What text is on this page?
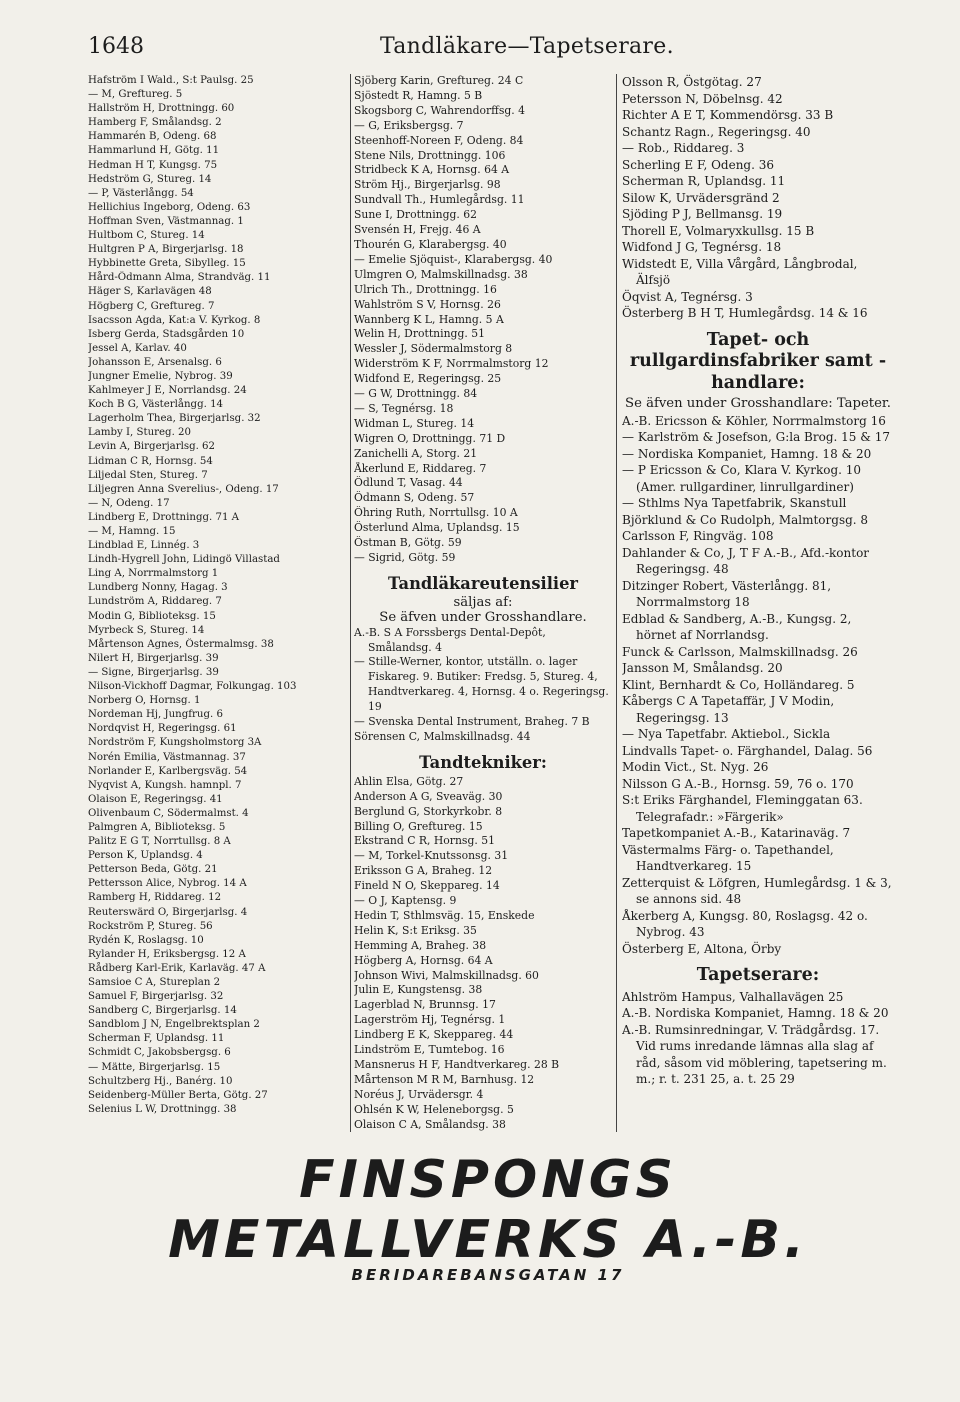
1648	Tandläkare—Tapetserare.
Hafström I Wald., S:t Paulsg. 25
— M, Greftureg. 5
Hallström H, Drottningg. 60
Hamberg F, Smålandsg. 2
Hammarén B, Odeng. 68
Hammarlund H, Götg. 11
Hedman H T, Kungsg. 75
Hedström G, Stureg. 14
— P, Västerlångg. 54
Hellichius Ingeborg, Odeng. 63
Hoffman Sven, Västmannag. 1
Hultbom C, Stureg. 14
Hultgren P A, Birgerjarlsg. 18
Hybbinette Greta, Sibylleg. 15
Hård-Ödmann Alma, Strandväg. 11
Häger S, Karlavägen 48
Högberg C, Greftureg. 7
Isacsson Agda, Kat:a V. Kyrkog. 8
Isberg Gerda, Stadsgården 10
Jessel A, Karlav. 40
Johansson E, Arsenalsg. 6
Jungner Emelie, Nybrog. 39
Kahlmeyer J E, Norrlandsg. 24
Koch B G, Västerlångg. 14
Lagerholm Thea, Birgerjarlsg. 32
Lamby I, Stureg. 20
Levin A, Birgerjarlsg. 62
Lidman C R, Hornsg. 54
Liljedal Sten, Stureg. 7
Liljegren Anna Sverelius-, Odeng. 17
— N, Odeng. 17
Lindberg E, Drottningg. 71 A
— M, Hamng. 15
Lindblad E, Linnég. 3
Lindh-Hygrell John, Lidingö Villastad
Ling A, Norrmalmstorg 1
Lundberg Nonny, Hagag. 3
Lundström A, Riddareg. 7
Modin G, Biblioteksg. 15
Myrbeck S, Stureg. 14
Mårtenson Agnes, Östermalmsg. 38
Nilert H, Birgerjarlsg. 39
— Signe, Birgerjarlsg. 39
Nilson-Vickhoff Dagmar, Folkungag. 103
Norberg O, Hornsg. 1
Nordeman Hj, Jungfrug. 6
Nordqvist H, Regeringsg. 61
Nordström F, Kungsholmstorg 3A
Norén Emilia, Västmannag. 37
Norlander E, Karlbergsväg. 54
Nyqvist A, Kungsh. hamnpl. 7
Olaison E, Regeringsg. 41
Olivenbaum C, Södermalmst. 4
Palmgren A, Biblioteksg. 5
Palitz E G T, Norrtullsg. 8 A
Person K, Uplandsg. 4
Petterson Beda, Götg. 21
Pettersson Alice, Nybrog. 14 A
Ramberg H, Riddareg. 12
Reuterswärd O, Birgerjarlsg. 4
Rockström P, Stureg. 56
Rydén K, Roslagsg. 10
Rylander H, Eriksbergsg. 12 A
Rådberg Karl-Erik, Karlaväg. 47 A
Samsioe C A, Stureplan 2
Samuel F, Birgerjarlsg. 32
Sandberg C, Birgerjarlsg. 14
Sandblom J N, Engelbrektsplan 2
Scherman F, Uplandsg. 11
Schmidt C, Jakobsbergsg. 6
— Mätte, Birgerjarlsg. 15
Schultzberg Hj., Banérg. 10
Seidenberg-Müller Berta, Götg. 27
Selenius L W, Drottningg. 38
Sjöberg Karin, Greftureg. 24 C
Sjöstedt R, Hamng. 5 B
Skogsborg C, Wahrendorffsg. 4
— G, Eriksbergsg. 7
Steenhoff-Noreen F, Odeng. 84
Stene Nils, Drottningg. 106
Stridbeck K A, Hornsg. 64 A
Ström Hj., Birgerjarlsg. 98
Sundvall Th., Humlegårdsg. 11
Sune I, Drottningg. 62
Svensén H, Frejg. 46 A
Thourén G, Klarabergsg. 40
— Emelie Sjöquist-, Klarabergsg. 40
Ulmgren O, Malmskillnadsg. 38
Ulrich Th., Drottningg. 16
Wahlström S V, Hornsg. 26
Wannberg K L, Hamng. 5 A
Welin H, Drottningg. 51
Wessler J, Södermalmstorg 8
Widerström K F, Norrmalmstorg 12
Widfond E, Regeringsg. 25
— G W, Drottningg. 84
— S, Tegnérsg. 18
Widman L, Stureg. 14
Wigren O, Drottningg. 71 D
Zanichelli A, Storg. 21
Åkerlund E, Riddareg. 7
Ödlund T, Vasag. 44
Ödmann S, Odeng. 57
Öhring Ruth, Norrtullsg. 10 A
Österlund Alma, Uplandsg. 15
Östman B, Götg. 59
— Sigrid, Götg. 59
Tandläkareutensilier
säljas af:
Se äfven under Grosshandlare.
A.-B. S A Forssbergs Dental-Depôt, Smålandsg. 4
— Stille-Werner, kontor, utställn. o. lager Fiskareg. 9. Butiker: Fredsg. 5, Stureg. 4, Handtverkareg. 4, Hornsg. 4 o. Regeringsg. 19
— Svenska Dental Instrument, Braheg. 7 B
Sörensen C, Malmskillnadsg. 44
Tandtekniker:
Ahlin Elsa, Götg. 27
Anderson A G, Sveaväg. 30
Berglund G, Storkyrkobr. 8
Billing O, Greftureg. 15
Ekstrand C R, Hornsg. 51
— M, Torkel-Knutssonsg. 31
Eriksson G A, Braheg. 12
Fineld N O, Skeppareg. 14
— O J, Kaptensg. 9
Hedin T, Sthlmsväg. 15, Enskede
Helin K, S:t Eriksg. 35
Hemming A, Braheg. 38
Högberg A, Hornsg. 64 A
Johnson Wivi, Malmskillnadsg. 60
Julin E, Kungstensg. 38
Lagerblad N, Brunnsg. 17
Lagerström Hj, Tegnérsg. 1
Lindberg E K, Skeppareg. 44
Lindström E, Tumtebog. 16
Mansnerus H F, Handtverkareg. 28 B
Mårtenson M R M, Barnhusg. 12
Noréus J, Urvädersgr. 4
Ohlsén K W, Heleneborgsg. 5
Olaison C A, Smålandsg. 38
Olsson R, Östgötag. 27
Petersson N, Döbelnsg. 42
Richter A E T, Kommendörsg. 33 B
Schantz Ragn., Regeringsg. 40
— Rob., Riddareg. 3
Scherling E F, Odeng. 36
Scherman R, Uplandsg. 11
Silow K, Urvädersgränd 2
Sjöding P J, Bellmansg. 19
Thorell E, Volmaryxkullsg. 15 B
Widfond J G, Tegnérsg. 18
Widstedt E, Villa Vårgård, Långbrodal, Älfsjö
Öqvist A, Tegnérsg. 3
Österberg B H T, Humlegårdsg. 14 & 16
Tapet- och rullgardinsfabriker samt -handlare:
Se äfven under Grosshandlare: Tapeter.
A.-B. Ericsson & Köhler, Norrmalmstorg 16
— Karlström & Josefson, G:la Brog. 15 & 17
— Nordiska Kompaniet, Hamng. 18 & 20
— P Ericsson & Co, Klara V. Kyrkog. 10 (Amer. rullgardiner, linrullgardiner)
— Sthlms Nya Tapetfabrik, Skanstull
Björklund & Co Rudolph, Malmtorgsg. 8
Carlsson F, Ringväg. 108
Dahlander & Co, J, T F A.-B., Afd.-kontor Regeringsg. 48
Ditzinger Robert, Västerlångg. 81, Norrmalmstorg 18
Edblad & Sandberg, A.-B., Kungsg. 2, hörnet af Norrlandsg.
Funck & Carlsson, Malmskillnadsg. 26
Jansson M, Smålandsg. 20
Klint, Bernhardt & Co, Holländareg. 5
Kåbergs C A Tapetaffär, J V Modin, Regeringsg. 13
— Nya Tapetfabr. Aktiebol., Sickla
Lindvalls Tapet- o. Färghandel, Dalag. 56
Modin Vict., St. Nyg. 26
Nilsson G A.-B., Hornsg. 59, 76 o. 170
S:t Eriks Färghandel, Fleminggatan 63. Telegrafadr.: »Färgerik»
Tapetkompaniet A.-B., Katarinaväg. 7
Västermalms Färg- o. Tapethandel, Handtverkareg. 15
Zetterquist & Löfgren, Humlegårdsg. 1 & 3, se annons sid. 48
Åkerberg A, Kungsg. 80, Roslagsg. 42 o. Nybrog. 43
Österberg E, Altona, Örby
Tapetserare:
Ahlström Hampus, Valhallavägen 25
A.-B. Nordiska Kompaniet, Hamng. 18 & 20
A.-B. Rumsinredningar, V. Trädgårdsg. 17. Vid rums inredande lämnas alla slag af råd, såsom vid möblering, tapetsering m. m.; r. t. 231 25, a. t. 25 29
FINSPONGS METALLVERKS A.-B.
BERIDAREBANSGATAN 17
